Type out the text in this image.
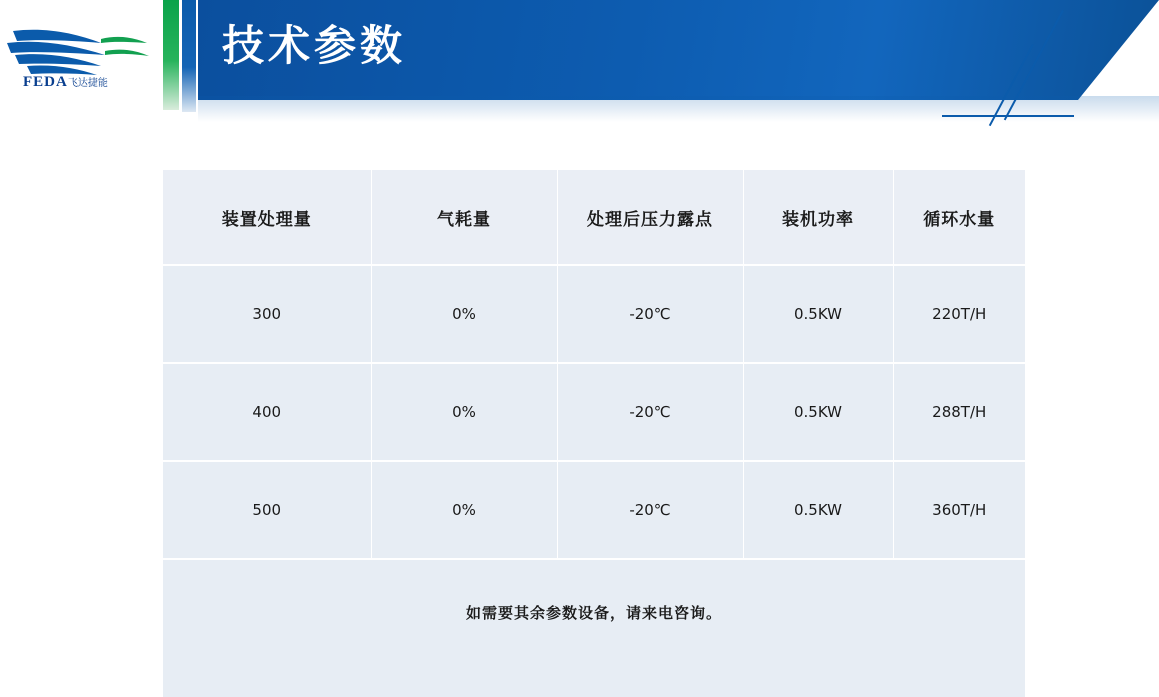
FEDA飞达捷能
技术参数
装置处理量	气耗量	处理后压力露点	装机功率	循环水量
300	0%	-20℃	0.5KW	220T/H
400	0%	-20℃	0.5KW	288T/H
500	0%	-20℃	0.5KW	360T/H
如需要其余参数设备，请来电咨询。				
